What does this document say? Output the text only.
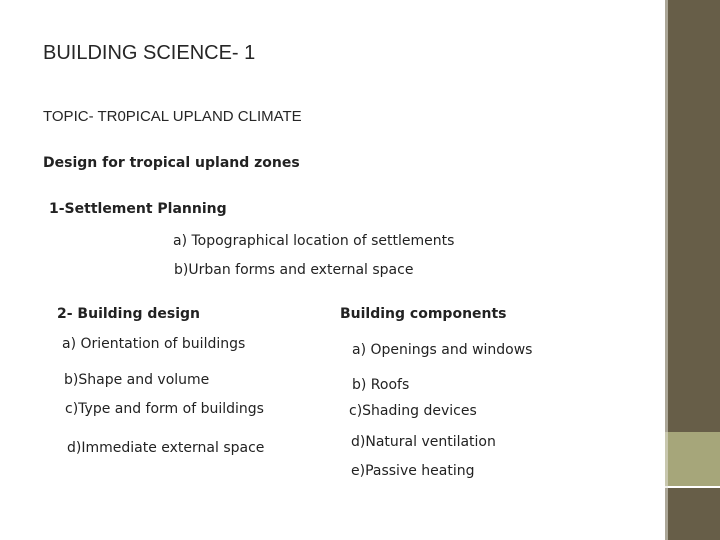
BUILDING SCIENCE- 1
TOPIC- TR0PICAL UPLAND CLIMATE
Design for tropical upland zones
1-Settlement Planning
a) Topographical location of settlements
b)Urban forms and external space
2- Building design
a) Orientation of buildings
b)Shape and volume
c)Type and form of buildings
d)Immediate external space
Building components
a) Openings and windows
b) Roofs
c)Shading devices
d)Natural ventilation
e)Passive heating
